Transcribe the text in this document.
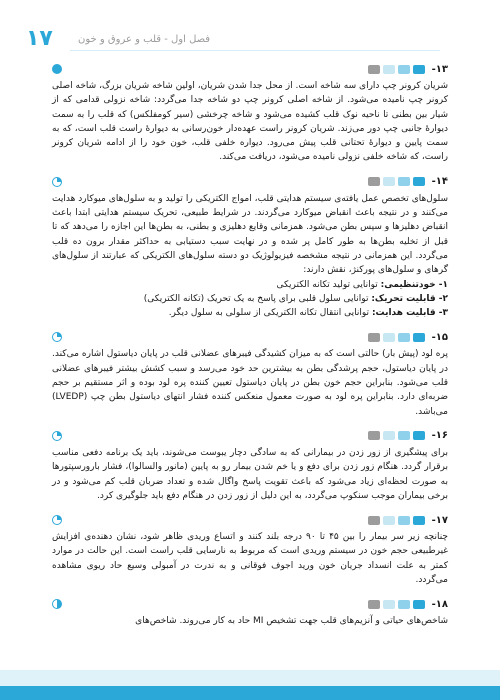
۱۷	فصل اول - قلب و عروق و خون
-۱۳
شریان کرونر چپ دارای سه شاخه است. از محل جدا شدن شریان، اولین شاخه شریان بزرگ، شاخه اصلی کرونر چپ نامیده می‌شود. از شاخه اصلی کرونر چپ دو شاخه جدا می‌گردد: شاخه نزولی قدامی که از شیار بین بطنی تا ناحیه نوک قلب کشیده می‌شود و شاخه چرخشی (سیر کومفلکس) که قلب را به سمت دیوارهٔ جانبی چپ دور می‌زند. شریان کرونر راست عهده‌دار خون‌رسانی به دیوارهٔ راست قلب است، که به سمت پایین و دیوارهٔ تحتانی قلب پیش می‌رود. دیواره خلفی قلب، خون خود را از ادامه شریان کرونر راست، که شاخه خلفی نزولی نامیده می‌شود، دریافت می‌کند.
-۱۴
سلول‌های تخصص عمل یافته‌ی سیستم هدایتی قلب، امواج الکتریکی را تولید و به سلول‌های میوکارد هدایت می‌کنند و در نتیجه باعث انقباض میوکارد می‌گردند. در شرایط طبیعی، تحریک سیستم هدایتی ابتدا باعث انقباض دهلیزها و سپس بطن می‌شود. همزمانی وقایع دهلیزی و بطنی، به بطن‌ها این اجازه را می‌دهد که تا قبل از تخلیه بطن‌ها به طور کامل پر شده و در نهایت سبب دستیابی به حداکثر مقدار برون ده قلب می‌گردد. این همزمانی در نتیجه مشخصه فیزیولوژیک دو دسته سلول‌های الکتریکی که عبارتند از سلول‌های گرهای و سلول‌های پورکنژ، نقش دارند:
۱- خودتنظیمی: توانایی تولید تکانه الکتریکی
۲- قابلیت تحریک: توانایی سلول قلبی برای پاسخ به یک تحریک (تکانه الکتریکی)
۳- قابلیت هدایت: توانایی انتقال تکانه الکتریکی از سلولی به سلول دیگر.
-۱۵
پره لود (پیش بار) حالتی است که به میزان کشیدگی فیبرهای عضلانی قلب در پایان دیاستول اشاره می‌کند. در پایان دیاستول، حجم پرشدگی بطن به بیشترین حد خود می‌رسد و سبب کشش بیشتر فیبرهای عضلانی قلب می‌شود. بنابراین حجم خون بطن در پایان دیاستول تعیین کننده پره لود بوده و اثر مستقیم بر حجم ضربه‌ای دارد. بنابراین پره لود به صورت معمول منعکس کننده فشار انتهای دیاستول بطن چپ (LVEDP) می‌باشد.
-۱۶
برای پیشگیری از زور زدن در بیمارانی که به سادگی دچار یبوست می‌شوند، باید یک برنامه دفعی مناسب برقرار گردد. هنگام زور زدن برای دفع و یا خم شدن بیمار رو به پایین (مانور والسالوا)، فشار بارورسپتورها به صورت لحظه‌ای زیاد می‌شود که باعث تقویت پاسخ واگال شده و تعداد ضربان قلب کم می‌شود و در برخی بیماران موجب سنکوپ می‌گردد، به این دلیل از زور زدن در هنگام دفع باید جلوگیری کرد.
-۱۷
چنانچه زیر سر بیمار را بین ۴۵ تا ۹۰ درجه بلند کنند و اتساع وریدی ظاهر شود، نشان دهنده‌ی افزایش غیرطبیعی حجم خون در سیستم وریدی است که مربوط به نارسایی قلب راست است. این حالت در موارد کمتر به علت انسداد جریان خون ورید اجوف فوقانی و به ندرت در آمبولی وسیع حاد ریوی مشاهده می‌گردد.
-۱۸
شاخص‌های حیاتی و آنزیم‌های قلب جهت تشخیص MI حاد به کار می‌روند. شاخص‌های
